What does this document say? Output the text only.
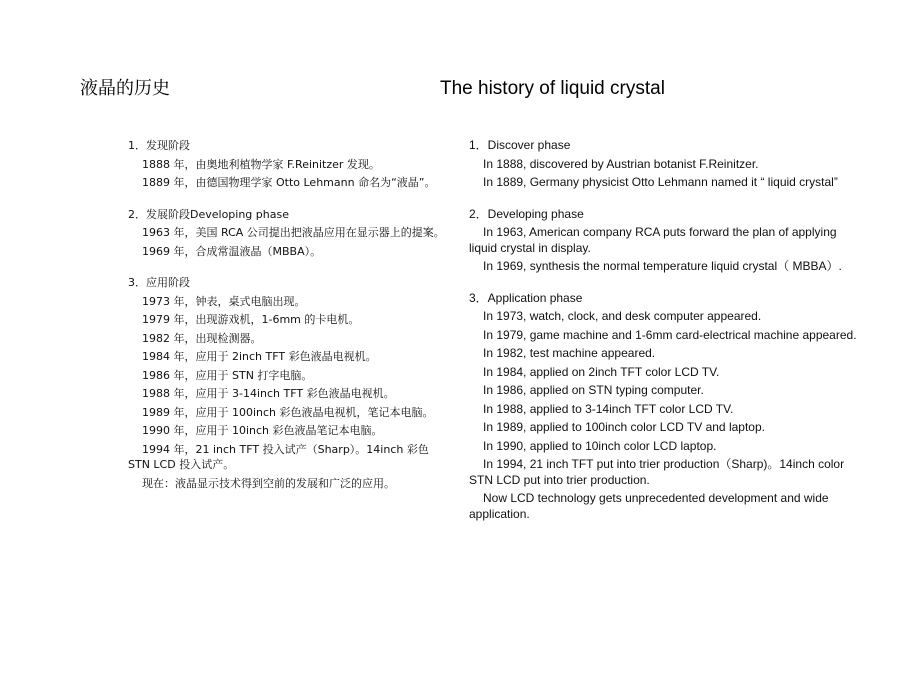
液晶的历史	The history of liquid crystal
1．发现阶段
1888 年，由奥地利植物学家 F.Reinitzer 发现。
1889 年，由德国物理学家 Otto Lehmann 命名为“液晶”。
2．发展阶段Developing phase
1963 年，美国 RCA 公司提出把液晶应用在显示器上的提案。
1969 年，合成常温液晶（MBBA）。
3．应用阶段
1973 年，钟表，桌式电脑出现。
1979 年，出现游戏机，1-6mm 的卡电机。
1982 年，出现检测器。
1984 年，应用于 2inch TFT 彩色液晶电视机。
1986 年，应用于 STN 打字电脑。
1988 年，应用于 3-14inch TFT 彩色液晶电视机。
1989 年，应用于 100inch 彩色液晶电视机，笔记本电脑。
1990 年，应用于 10inch 彩色液晶笔记本电脑。
1994 年，21 inch TFT 投入试产（Sharp）。14inch 彩色 STN LCD 投入试产。
现在：液晶显示技术得到空前的发展和广泛的应用。
1．Discover phase
In 1888, discovered by Austrian botanist F.Reinitzer.
In 1889, Germany physicist Otto Lehmann named it “ liquid crystal”
2．Developing phase
In 1963, American company RCA puts forward the plan of applying liquid crystal in display.
In 1969, synthesis the normal temperature liquid crystal（ MBBA）.
3．Application phase
In 1973, watch, clock, and desk computer appeared.
In 1979, game machine and 1-6mm card-electrical machine appeared.
In 1982, test machine appeared.
In 1984, applied on 2inch TFT color LCD TV.
In 1986, applied on STN typing computer.
In 1988, applied to 3-14inch TFT color LCD TV.
In 1989, applied to 100inch color LCD TV and laptop.
In 1990, applied to 10inch color LCD laptop.
In 1994, 21 inch TFT put into trier production（Sharp)。14inch color STN LCD put into trier production.
Now LCD technology gets unprecedented development and wide application.
